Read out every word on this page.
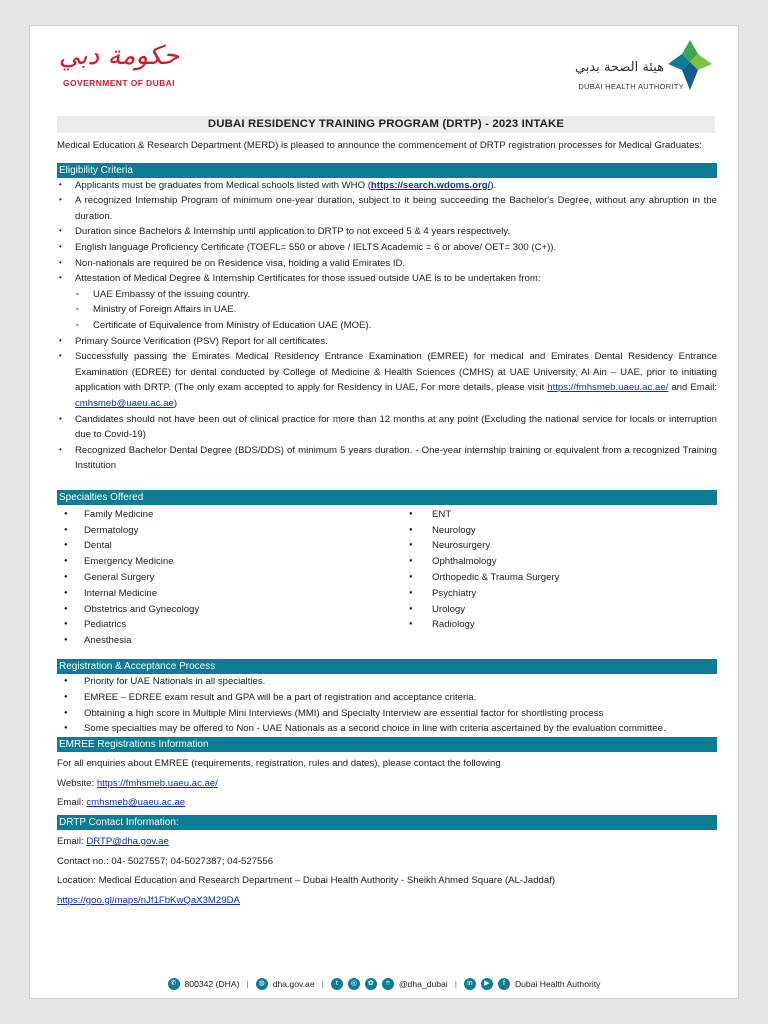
حكومة دبي
GOVERNMENT OF DUBAI
هيئة الصحة بدبي
DUBAI HEALTH AUTHORITY
DUBAI RESIDENCY TRAINING PROGRAM (DRTP) - 2023 INTAKE

Medical Education & Research Department (MERD) is pleased to announce the commencement of DRTP registration processes for Medical Graduates:

Eligibility Criteria
• Applicants must be graduates from Medical schools listed with WHO (https://search.wdoms.org/).
• A recognized Internship Program of minimum one-year duration, subject to it being succeeding the Bachelor's Degree, without any abruption in the duration.
• Duration since Bachelors & Internship until application to DRTP to not exceed 5 & 4 years respectively.
• English language Proficiency Certificate (TOEFL= 550 or above / IELTS Academic = 6 or above/ OET= 300 (C+)).
• Non-nationals are required be on Residence visa, holding a valid Emirates ID.
• Attestation of Medical Degree & Internship Certificates for those issued outside UAE is to be undertaken from:
- UAE Embassy of the issuing country.
- Ministry of Foreign Affairs in UAE.
- Certificate of Equivalence from Ministry of Education UAE (MOE).
• Primary Source Verification (PSV) Report for all certificates.
• Successfully passing the Emirates Medical Residency Entrance Examination (EMREE) for medical and Emirates Dental Residency Entrance Examination (EDREE) for dental conducted by College of Medicine & Health Sciences (CMHS) at UAE University, Al Ain – UAE, prior to initiating application with DRTP. (The only exam accepted to apply for Residency in UAE, For more details, please visit https://fmhsmeb.uaeu.ac.ae/ and Email: cmhsmeb@uaeu.ac.ae)
• Candidates should not have been out of clinical practice for more than 12 months at any point (Excluding the national service for locals or interruption due to Covid-19)
• Recognized Bachelor Dental Degree (BDS/DDS) of minimum 5 years duration. - One-year internship training or equivalent from a recognized Training Institution
Specialties Offered
● Family Medicine
● Dermatology
● Dental
● Emergency Medicine
● General Surgery
● Internal Medicine
● Obstetrics and Gynecology
● Pediatrics
● Anesthesia
● ENT
● Neurology
● Neurosurgery
● Ophthalmology
● Orthopedic & Trauma Surgery
● Psychiatry
● Urology
● Radiology
Registration & Acceptance Process
● Priority for UAE Nationals in all specialties.
● EMREE – EDREE exam result and GPA will be a part of registration and acceptance criteria.
● Obtaining a high score in Multiple Mini Interviews (MMI) and Specialty Interview are essential factor for shortlisting process
● Some specialties may be offered to Non - UAE Nationals as a second choice in line with criteria ascertained by the evaluation committee.
EMREE Registrations Information

For all enquiries about EMREE (requirements, registration, rules and dates), please contact the following

Website: https://fmhsmeb.uaeu.ac.ae/

Email: cmhsmeb@uaeu.ac.ae

DRTP Contact Information:

Email: DRTP@dha.gov.ae

Contact no.: 04- 5027557; 04-5027387; 04-527556

Location: Medical Education and Research Department – Dubai Health Authority - Sheikh Ahmed Square (AL-Jaddaf)

https://goo.gl/maps/nJf1FbKwQaX3M29DA

✆ 800342 (DHA) |	◍ dha.gov.ae |	t	◎	✿	⌾	@dha_dubai |	in	▶	f	Dubai Health Authority
